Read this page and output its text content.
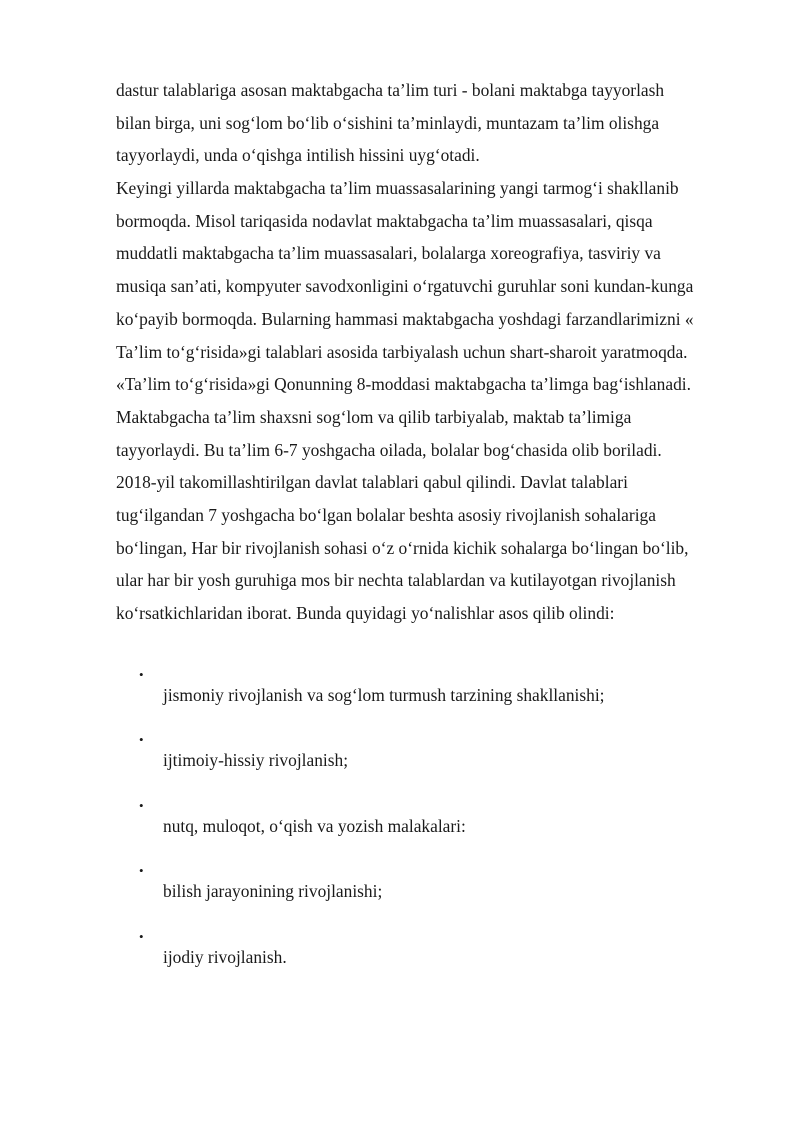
dastur talablariga asosan maktabgacha ta’lim turi - bolani maktabga tayyorlash
bilan birga, uni sog‘lom bo‘lib o‘sishini ta’minlaydi, muntazam ta’lim olishga
tayyorlaydi, unda o‘qishga intilish hissini uyg‘otadi.
Keyingi yillarda maktabgacha ta’lim muassasalarining yangi tarmog‘i shakllanib
bormoqda. Misol tariqasida nodavlat maktabgacha ta’lim muassasalari, qisqa
muddatli maktabgacha ta’lim muassasalari, bolalarga xoreografiya, tasviriy va
musiqa san’ati, kompyuter savodxonligini o‘rgatuvchi guruhlar soni kundan-kunga
ko‘payib bormoqda. Bularning hammasi maktabgacha yoshdagi farzandlarimizni «
Ta’lim to‘g‘risida»gi talablari asosida tarbiyalash uchun shart-sharoit yaratmoqda.
«Ta’lim to‘g‘risida»gi Qonunning 8-moddasi maktabgacha ta’limga bag‘ishlanadi.
Maktabgacha ta’lim shaxsni sog‘lom va qilib tarbiyalab, maktab ta’limiga
tayyorlaydi. Bu ta’lim 6-7 yoshgacha oilada, bolalar bog‘chasida olib boriladi.
2018-yil takomillashtirilgan davlat talablari qabul qilindi. Davlat talablari
tug‘ilgandan 7 yoshgacha bo‘lgan bolalar beshta asosiy rivojlanish sohalariga
bo‘lingan, Har bir rivojlanish sohasi o‘z o‘rnida kichik sohalarga bo‘lingan bo‘lib,
ular har bir yosh guruhiga mos bir nechta talablardan va kutilayotgan rivojlanish
ko‘rsatkichlaridan iborat. Bunda quyidagi yo‘nalishlar asos qilib olindi:
•
jismoniy rivojlanish va sog‘lom turmush tarzining shakllanishi;
•
ijtimoiy-hissiy rivojlanish;
•
nutq, muloqot, o‘qish va yozish malakalari:
•
bilish jarayonining rivojlanishi;
•
ijodiy rivojlanish.
